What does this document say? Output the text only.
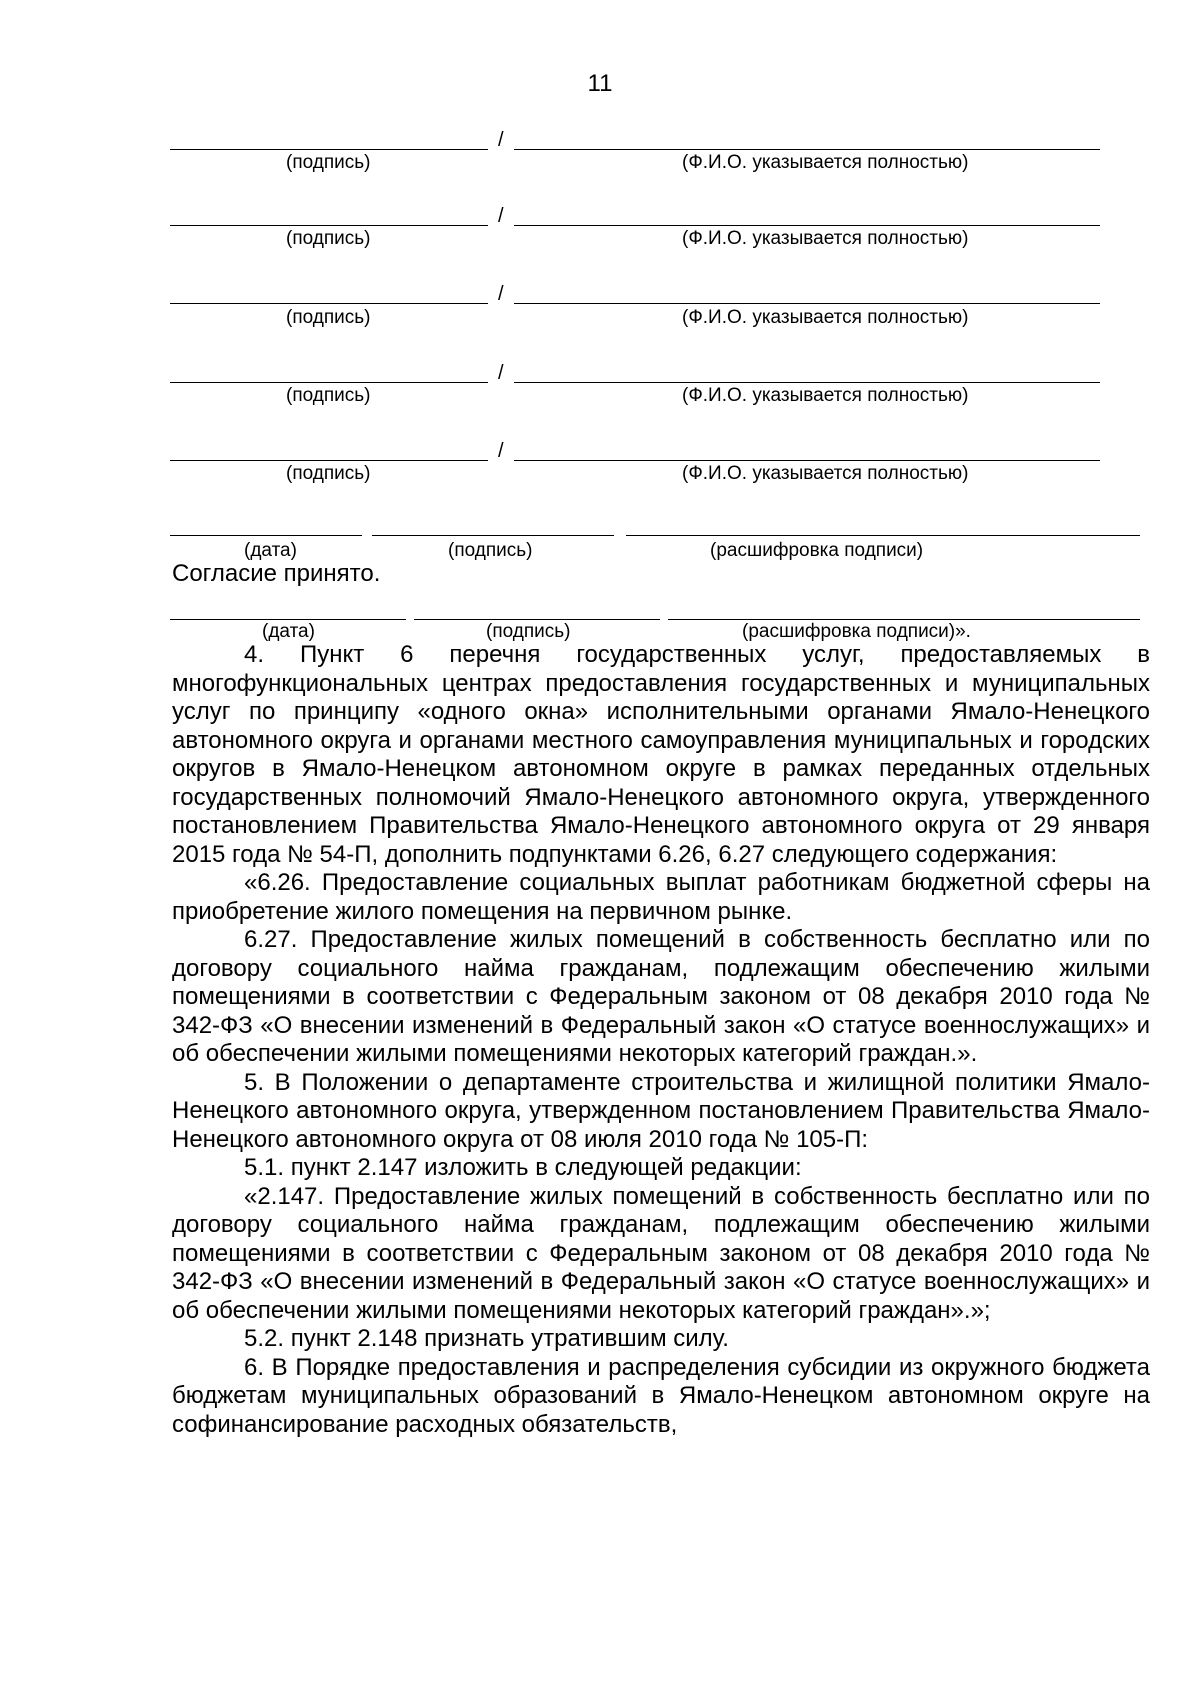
11
/
(подпись)	(Ф.И.О. указывается полностью)
/
(подпись)	(Ф.И.О. указывается полностью)
/
(подпись)	(Ф.И.О. указывается полностью)
/
(подпись)	(Ф.И.О. указывается полностью)
/
(подпись)	(Ф.И.О. указывается полностью)
(дата)	(подпись)	(расшифровка подписи)
Согласие принято.
(дата)	(подпись)	(расшифровка подписи)».

4. Пункт 6 перечня государственных услуг, предоставляемых в многофункциональных центрах предоставления государственных и муниципальных услуг по принципу «одного окна» исполнительными органами Ямало-Ненецкого автономного округа и органами местного самоуправления муниципальных и городских округов в Ямало-Ненецком автономном округе в рамках переданных отдельных государственных полномочий Ямало-Ненецкого автономного округа, утвержденного постановлением Правительства Ямало-Ненецкого автономного округа от 29 января 2015 года № 54-П, дополнить подпунктами 6.26, 6.27 следующего содержания:

«6.26. Предоставление социальных выплат работникам бюджетной сферы на приобретение жилого помещения на первичном рынке.

6.27. Предоставление жилых помещений в собственность бесплатно или по договору социального найма гражданам, подлежащим обеспечению жилыми помещениями в соответствии с Федеральным законом от 08 декабря 2010 года № 342-ФЗ «О внесении изменений в Федеральный закон «О статусе военнослужащих» и об обеспечении жилыми помещениями некоторых категорий граждан.».

5. В Положении о департаменте строительства и жилищной политики Ямало-Ненецкого автономного округа, утвержденном постановлением Правительства Ямало-Ненецкого автономного округа от 08 июля 2010 года № 105-П:

5.1. пункт 2.147 изложить в следующей редакции:

«2.147. Предоставление жилых помещений в собственность бесплатно или по договору социального найма гражданам, подлежащим обеспечению жилыми помещениями в соответствии с Федеральным законом от 08 декабря 2010 года № 342-ФЗ «О внесении изменений в Федеральный закон «О статусе военнослужащих» и об обеспечении жилыми помещениями некоторых категорий граждан».»;

5.2. пункт 2.148 признать утратившим силу.

6. В Порядке предоставления и распределения субсидии из окружного бюджета бюджетам муниципальных образований в Ямало-Ненецком автономном округе на софинансирование расходных обязательств,
